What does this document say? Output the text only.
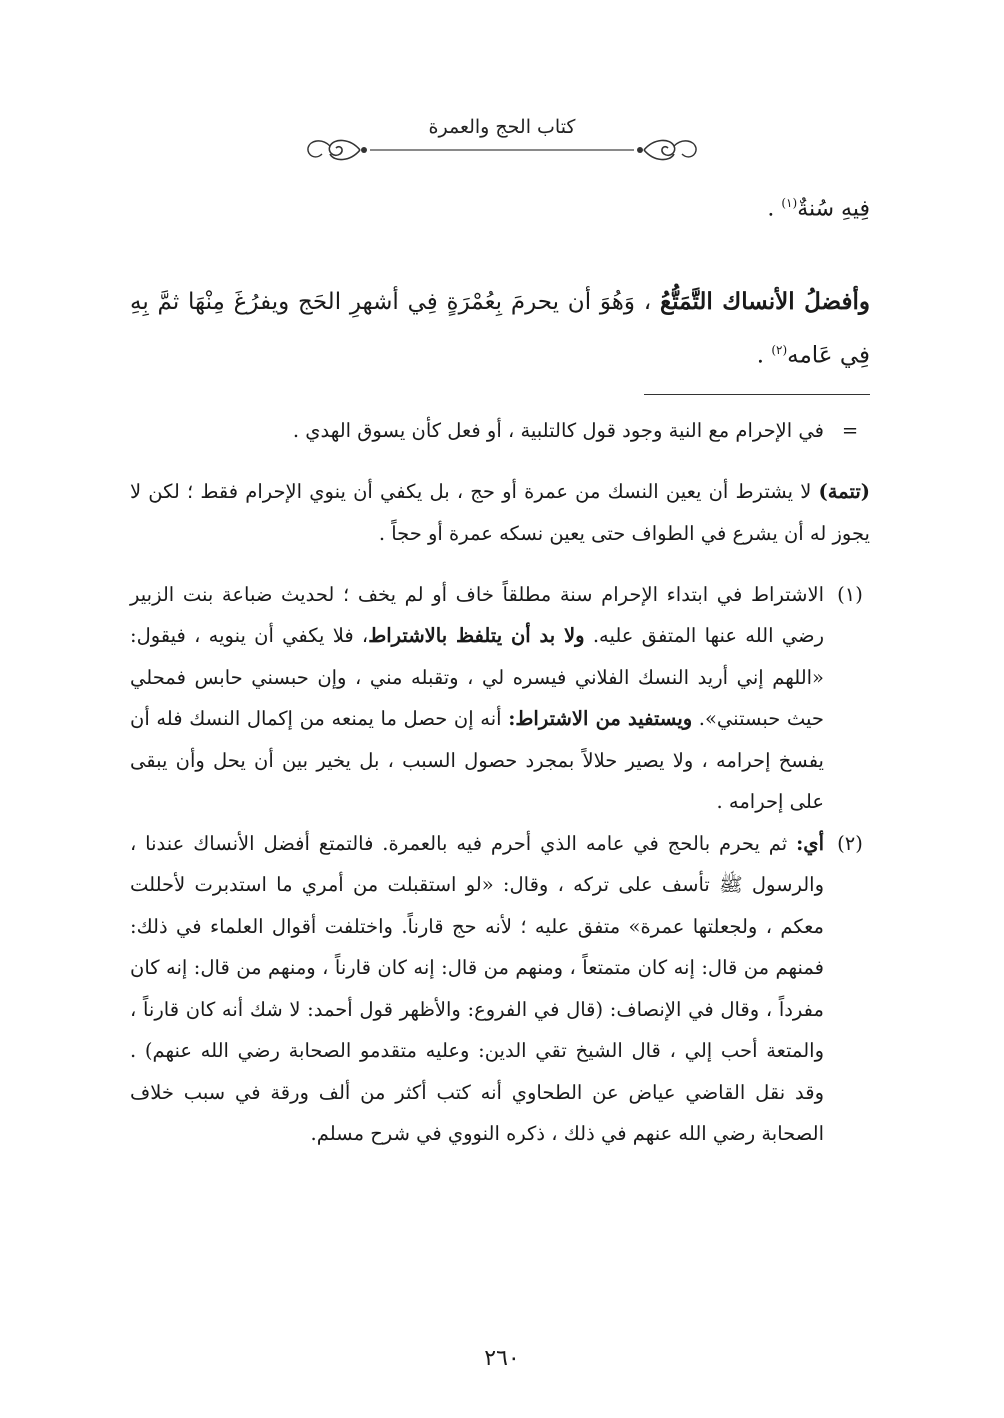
كتاب الحج والعمرة
فِيهِ سُنةٌ$^{(١)}$ .
وأفضلُ الأنساك التَّمَتُّعُ ، وَهُوَ أن يحرمَ بِعُمْرَةٍ فِي أشهرِ الحَج ويفرُغَ مِنْهَا ثمَّ بِهِ فِي عَامه$^{(٢)}$ .
=

في الإحرام مع النية وجود قول كالتلبية ، أو فعل كأن يسوق الهدي .

(تتمة) لا يشترط أن يعين النسك من عمرة أو حج ، بل يكفي أن ينوي الإحرام فقط ؛ لكن لا يجوز له أن يشرع في الطواف حتى يعين نسكه عمرة أو حجاً .

(١)

الاشتراط في ابتداء الإحرام سنة مطلقاً خاف أو لم يخف ؛ لحديث ضباعة بنت الزبير رضي الله عنها المتفق عليه. ولا بد أن يتلفظ بالاشتراط، فلا يكفي أن ينويه ، فيقول: «اللهم إني أريد النسك الفلاني فيسره لي ، وتقبله مني ، وإن حبسني حابس فمحلي حيث حبستني». ويستفيد من الاشتراط: أنه إن حصل ما يمنعه من إكمال النسك فله أن يفسخ إحرامه ، ولا يصير حلالاً بمجرد حصول السبب ، بل يخير بين أن يحل وأن يبقى على إحرامه .

(٢)

أي: ثم يحرم بالحج في عامه الذي أحرم فيه بالعمرة. فالتمتع أفضل الأنساك عندنا ، والرسول ﷺ تأسف على تركه ، وقال: «لو استقبلت من أمري ما استدبرت لأحللت معكم ، ولجعلتها عمرة» متفق عليه ؛ لأنه حج قارناً. واختلفت أقوال العلماء في ذلك: فمنهم من قال: إنه كان متمتعاً ، ومنهم من قال: إنه كان قارناً ، ومنهم من قال: إنه كان مفرداً ، وقال في الإنصاف: (قال في الفروع: والأظهر قول أحمد: لا شك أنه كان قارناً ، والمتعة أحب إلي ، قال الشيخ تقي الدين: وعليه متقدمو الصحابة رضي الله عنهم) . وقد نقل القاضي عياض عن الطحاوي أنه كتب أكثر من ألف ورقة في سبب خلاف الصحابة رضي الله عنهم في ذلك ، ذكره النووي في شرح مسلم.

٢٦٠
